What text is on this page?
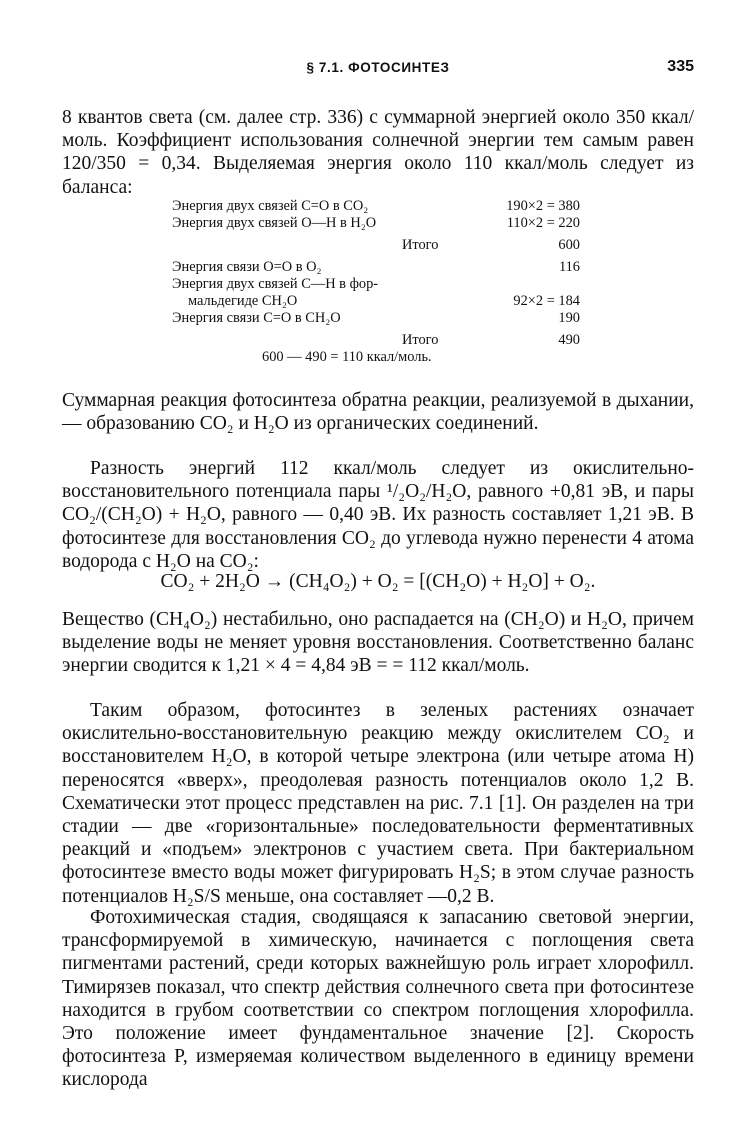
§ 7.1. ФОТОСИНТЕЗ	335

8 квантов света (см. далее стр. 336) с суммарной энергией около 350 ккал/моль. Коэффициент использования солнечной энергии тем самым равен 120/350 = 0,34. Выделяемая энергия около 110 ккал/моль следует из баланса:

Энергия двух связей C=O в CO₂	190×2 = 380
Энергия двух связей O—H в H₂O	110×2 = 220
Итого	600
Энергия связи O=O в O₂	116
Энергия двух связей C—H в фор-
мальдегиде CH₂O	92×2 = 184
Энергия связи C=O в CH₂O	190
Итого	490
600 — 490 = 110 ккал/моль.

Суммарная реакция фотосинтеза обратна реакции, реализуемой в дыхании, — образованию CO₂ и H₂O из органических соединений.

Разность энергий 112 ккал/моль следует из окислительно-восстановительного потенциала пары ¹/₂O₂/H₂O, равного +0,81 эВ, и пары CO₂/(CH₂O) + H₂O, равного — 0,40 эВ. Их разность составляет 1,21 эВ. В фотосинтезе для восстановления CO₂ до углевода нужно перенести 4 атома водорода с H₂O на CO₂:

CO₂ + 2H₂O → (CH₄O₂) + O₂ = [(CH₂O) + H₂O] + O₂.

Вещество (CH₄O₂) нестабильно, оно распадается на (CH₂O) и H₂O, причем выделение воды не меняет уровня восстановления. Соответственно баланс энергии сводится к 1,21 × 4 = 4,84 эВ = = 112 ккал/моль.

Таким образом, фотосинтез в зеленых растениях означает окислительно-восстановительную реакцию между окислителем CO₂ и восстановителем H₂O, в которой четыре электрона (или четыре атома H) переносятся «вверх», преодолевая разность потенциалов около 1,2 В. Схематически этот процесс представлен на рис. 7.1 [1]. Он разделен на три стадии — две «горизонтальные» последовательности ферментативных реакций и «подъем» электронов с участием света. При бактериальном фотосинтезе вместо воды может фигурировать H₂S; в этом случае разность потенциалов H₂S/S меньше, она составляет —0,2 В.

Фотохимическая стадия, сводящаяся к запасанию световой энергии, трансформируемой в химическую, начинается с поглощения света пигментами растений, среди которых важнейшую роль играет хлорофилл. Тимирязев показал, что спектр действия солнечного света при фотосинтезе находится в грубом соответствии со спектром поглощения хлорофилла. Это положение имеет фундаментальное значение [2]. Скорость фотосинтеза P, измеряемая количеством выделенного в единицу времени кислорода
